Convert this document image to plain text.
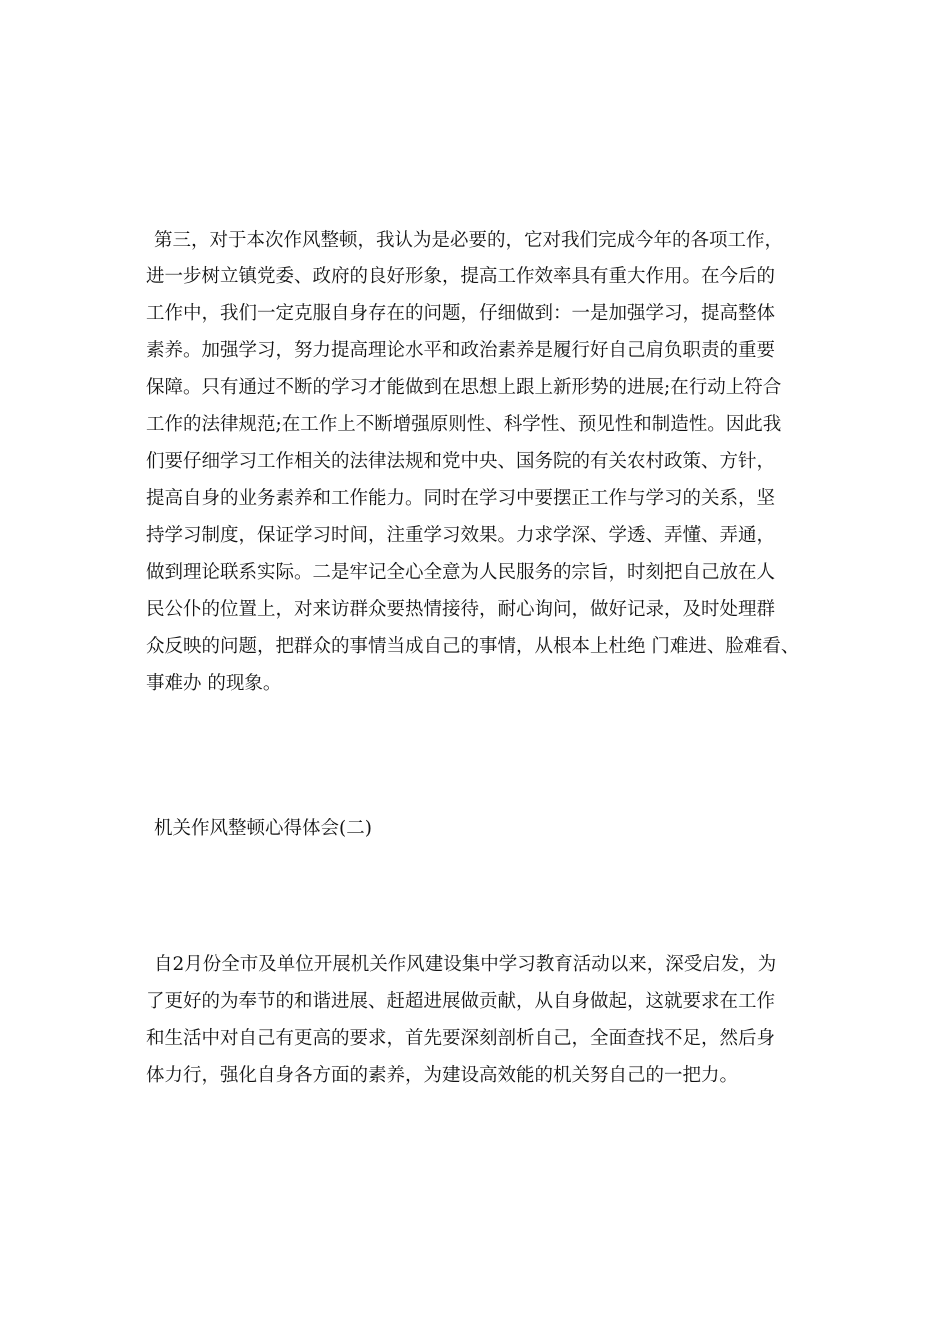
第三，对于本次作风整顿，我认为是必要的，它对我们完成今年的各项工作，
进一步树立镇党委、政府的良好形象，提高工作效率具有重大作用。在今后的
工作中，我们一定克服自身存在的问题，仔细做到：一是加强学习，提高整体
素养。加强学习，努力提高理论水平和政治素养是履行好自己肩负职责的重要
保障。只有通过不断的学习才能做到在思想上跟上新形势的进展;在行动上符合
工作的法律规范;在工作上不断增强原则性、科学性、预见性和制造性。因此我
们要仔细学习工作相关的法律法规和党中央、国务院的有关农村政策、方针，
提高自身的业务素养和工作能力。同时在学习中要摆正工作与学习的关系，坚
持学习制度，保证学习时间，注重学习效果。力求学深、学透、弄懂、弄通，
做到理论联系实际。二是牢记全心全意为人民服务的宗旨，时刻把自己放在人
民公仆的位置上，对来访群众要热情接待，耐心询问，做好记录，及时处理群
众反映的问题，把群众的事情当成自己的事情，从根本上杜绝 门难进、脸难看、
事难办 的现象。
机关作风整顿心得体会(二)
自2月份全市及单位开展机关作风建设集中学习教育活动以来，深受启发，为
了更好的为奉节的和谐进展、赶超进展做贡献，从自身做起，这就要求在工作
和生活中对自己有更高的要求，首先要深刻剖析自己，全面查找不足，然后身
体力行，强化自身各方面的素养，为建设高效能的机关努自己的一把力。
